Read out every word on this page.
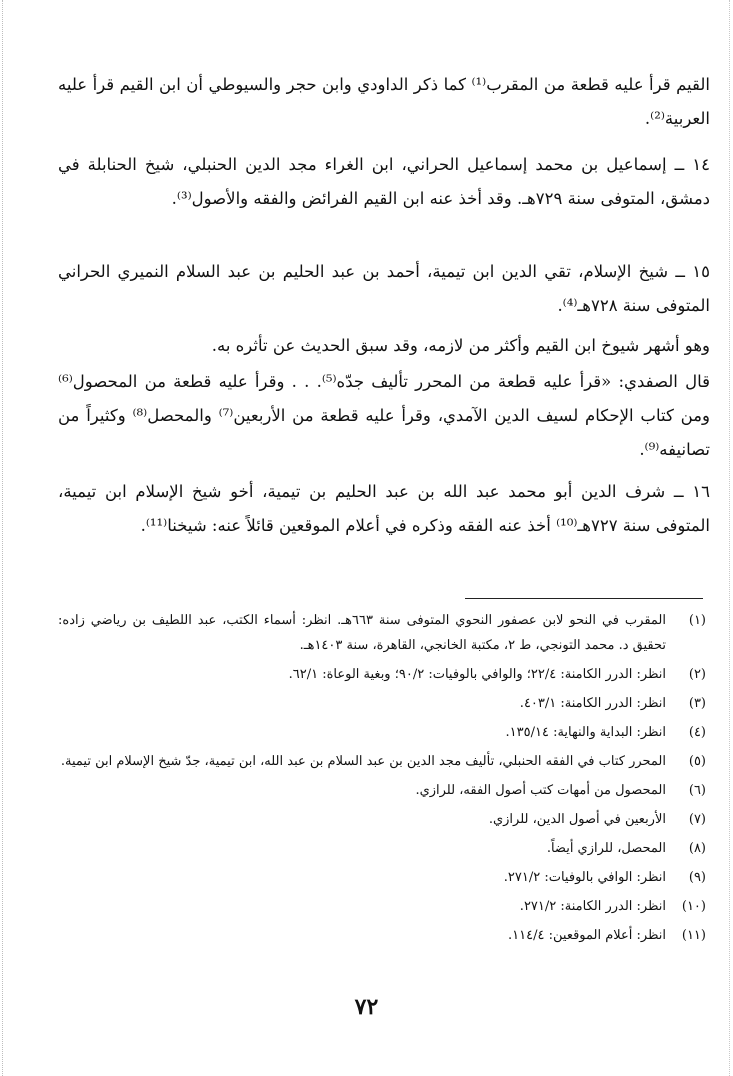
القيم قرأ عليه قطعة من المقرب⁽¹⁾ كما ذكر الداودي وابن حجر والسيوطي أن ابن القيم قرأ عليه العربية⁽²⁾.

١٤ ــ إسماعيل بن محمد إسماعيل الحراني، ابن الغراء مجد الدين الحنبلي، شيخ الحنابلة في دمشق، المتوفى سنة ٧٢٩هـ. وقد أخذ عنه ابن القيم الفرائض والفقه والأصول⁽³⁾.

١٥ ــ شيخ الإسلام، تقي الدين ابن تيمية، أحمد بن عبد الحليم بن عبد السلام النميري الحراني المتوفى سنة ٧٢٨هـ⁽⁴⁾.

وهو أشهر شيوخ ابن القيم وأكثر من لازمه، وقد سبق الحديث عن تأثره به.

قال الصفدي: «قرأ عليه قطعة من المحرر تأليف جدّه⁽⁵⁾. . . وقرأ عليه قطعة من المحصول⁽⁶⁾ ومن كتاب الإحكام لسيف الدين الآمدي، وقرأ عليه قطعة من الأربعين⁽⁷⁾ والمحصل⁽⁸⁾ وكثيراً من تصانيفه⁽⁹⁾.

١٦ ــ شرف الدين أبو محمد عبد الله بن عبد الحليم بن تيمية، أخو شيخ الإسلام ابن تيمية، المتوفى سنة ٧٢٧هـ⁽¹⁰⁾ أخذ عنه الفقه وذكره في أعلام الموقعين قائلاً عنه: شيخنا⁽¹¹⁾.

(١)
المقرب في النحو لابن عصفور النحوي المتوفى سنة ٦٦٣هـ. انظر: أسماء الكتب، عبد اللطيف بن رياضي زاده: تحقيق د. محمد التونجي، ط ٢، مكتبة الخانجي، القاهرة، سنة ١٤٠٣هـ.
(٢)
انظر: الدرر الكامنة: ٢٢/٤؛ والوافي بالوفيات: ٩٠/٢؛ وبغية الوعاة: ٦٢/١.
(٣)
انظر: الدرر الكامنة: ٤٠٣/١.
(٤)
انظر: البداية والنهاية: ١٣٥/١٤.
(٥)
المحرر كتاب في الفقه الحنبلي، تأليف مجد الدين بن عبد السلام بن عبد الله، ابن تيمية، جدّ شيخ الإسلام ابن تيمية.
(٦)
المحصول من أمهات كتب أصول الفقه، للرازي.
(٧)
الأربعين في أصول الدين، للرازي.
(٨)
المحصل، للرازي أيضاً.
(٩)
انظر: الوافي بالوفيات: ٢٧١/٢.
(١٠)
انظر: الدرر الكامنة: ٢٧١/٢.
(١١)
انظر: أعلام الموقعين: ١١٤/٤.
٧٢
